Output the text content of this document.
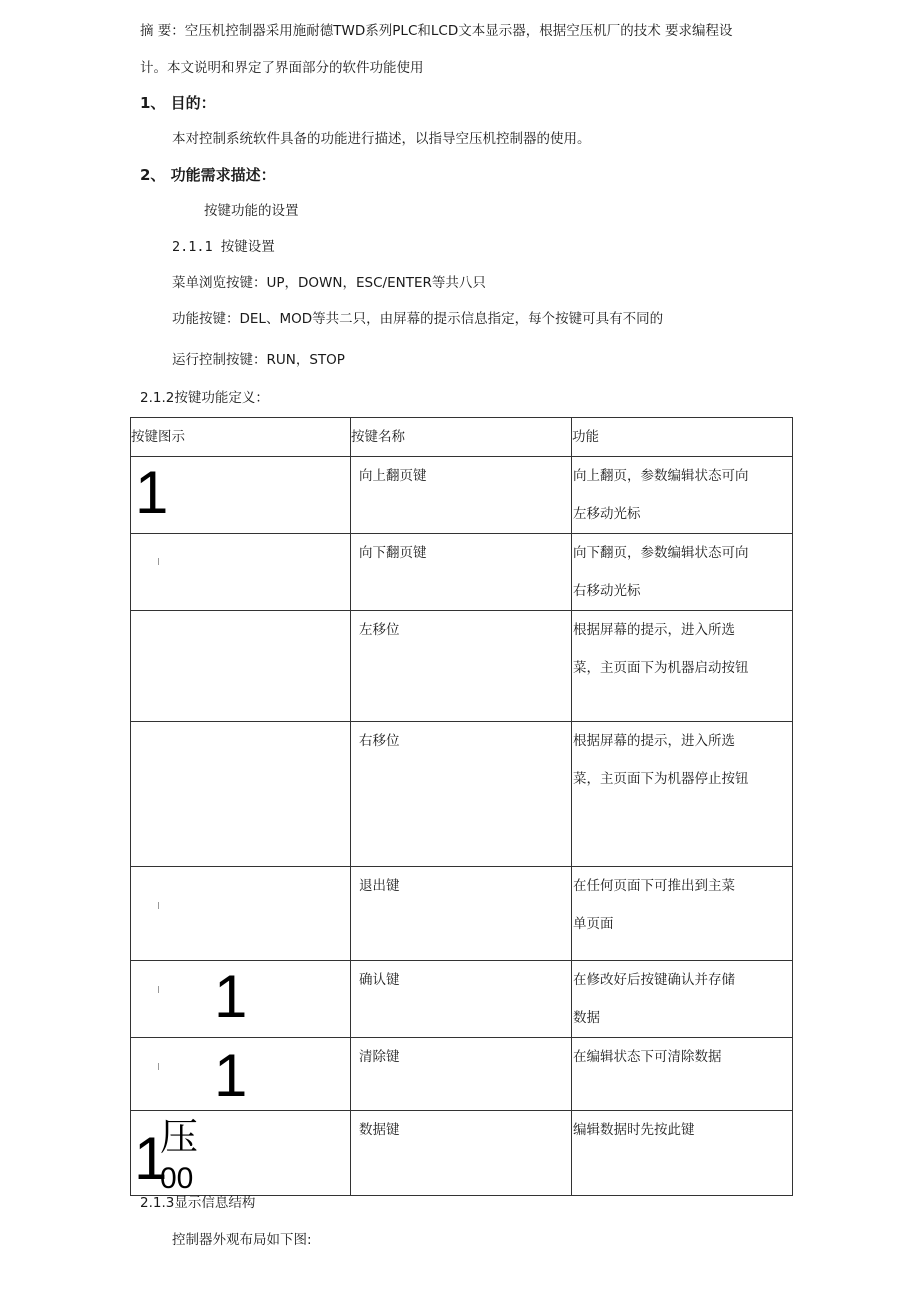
摘 要：空压机控制器采用施耐德TWD系列PLC和LCD文本显示器，根据空压机厂的技术 要求编程设
计。本文说明和界定了界面部分的软件功能使用
1、 目的：
本对控制系统软件具备的功能进行描述，以指导空压机控制器的使用。
2、 功能需求描述：
按键功能的设置
2.1.1 按键设置
菜单浏览按键：UP，DOWN，ESC/ENTER等共八只
功能按键：DEL、MOD等共二只，由屏幕的提示信息指定，每个按键可具有不同的
运行控制按键：RUN，STOP
2.1.2按键功能定义：
按键图示	按键名称	功能

1	向上翻页键	向上翻页，参数编辑状态可向
左移动光标

	向下翻页键	向下翻页，参数编辑状态可向
右移动光标

	左移位	根据屏幕的提示，进入所选
菜，主页面下为机器启动按钮

	右移位	根据屏幕的提示，进入所选
菜，主页面下为机器停止按钮

	退出键	在任何页面下可推出到主菜
单页面

1	确认键	在修改好后按键确认并存储
数据

1	清除键	在编辑状态下可清除数据

1
压
00	数据键	编辑数据时先按此键
2.1.3显示信息结构
控制器外观布局如下图:
